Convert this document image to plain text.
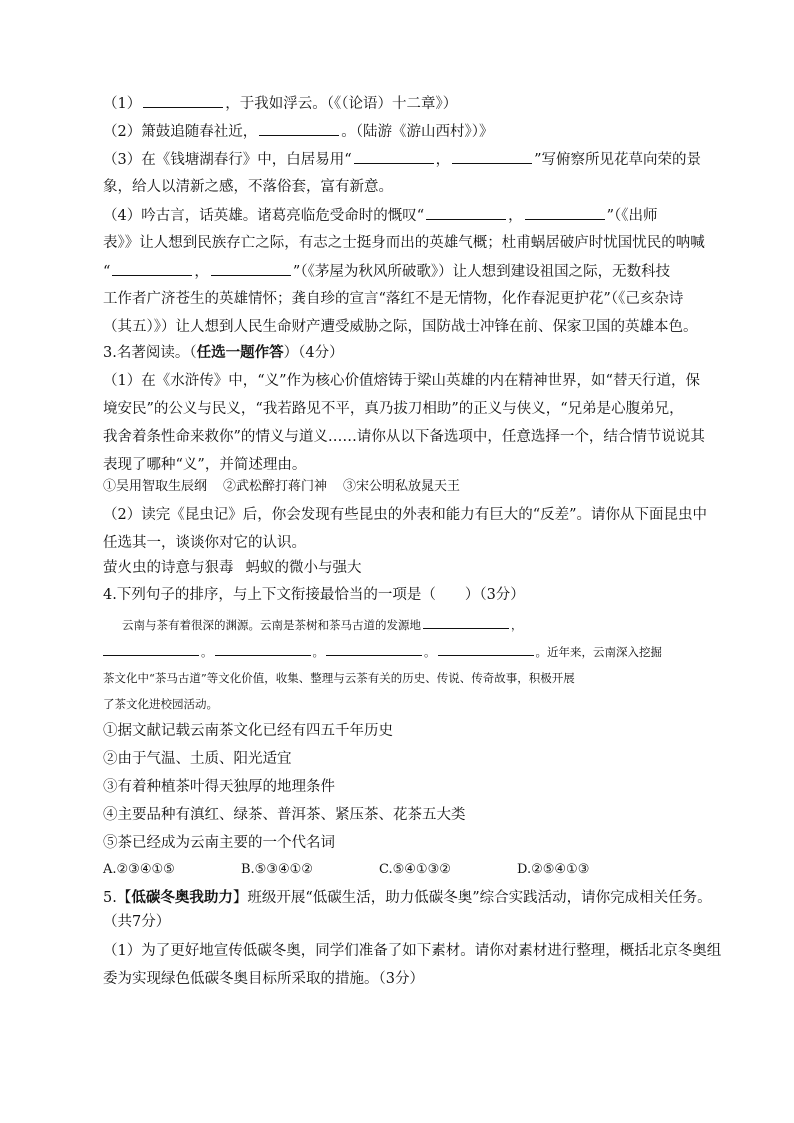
（1）	，于我如浮云。（《（论语）十二章》）
（2）箫鼓追随春社近，	。（陆游《游山西村》）》
（3）在《钱塘湖春行》中，白居易用“	，	”写俯察所见花草向荣的景
象，给人以清新之感，不落俗套，富有新意。
（4）吟古言，话英雄。诸葛亮临危受命时的慨叹“	，	”（《出师
表》》让人想到民族存亡之际，有志之士挺身而出的英雄气概；杜甫蜗居破庐时忧国忧民的呐喊
“	，	”（《茅屋为秋风所破歌》）让人想到建设祖国之际，无数科技
工作者广济苍生的英雄情怀；龚自珍的宣言“落红不是无情物，化作春泥更护花”（《己亥杂诗
（其五）》）让人想到人民生命财产遭受威胁之际，国防战士冲锋在前、保家卫国的英雄本色。
3.名著阅读。（任选一题作答）（4分）
（1）在《水浒传》中，“义”作为核心价值熔铸于梁山英雄的内在精神世界，如“替天行道，保
境安民”的公义与民义，“我若路见不平，真乃拔刀相助”的正义与侠义，“兄弟是心腹弟兄，
我舍着条性命来救你”的情义与道义……请你从以下备选项中，任意选择一个，结合情节说说其
表现了哪种“义”，并简述理由。
①吴用智取生辰纲 ②武松醉打蒋门神 ③宋公明私放晁天王
（2）读完《昆虫记》后，你会发现有些昆虫的外表和能力有巨大的“反差”。请你从下面昆虫中
任选其一，谈谈你对它的认识。
萤火虫的诗意与狠毒 蚂蚁的微小与强大
4.下列句子的排序，与上下文衔接最恰当的一项是（　　）（3分）
云南与茶有着很深的渊源。云南是茶树和茶马古道的发源地	，
。	。	。	。近年来，云南深入挖掘
茶文化中“茶马古道”等文化价值，收集、整理与云茶有关的历史、传说、传奇故事，积极开展
了茶文化进校园活动。
①据文献记载云南茶文化已经有四五千年历史
②由于气温、土质、阳光适宜
③有着种植茶叶得天独厚的地理条件
④主要品种有滇红、绿茶、普洱茶、紧压茶、花茶五大类
⑤茶已经成为云南主要的一个代名词
A.②③④①⑤	B.⑤③④①②	C.⑤④①③②	D.②⑤④①③
5.【低碳冬奥我助力】班级开展“低碳生活，助力低碳冬奥”综合实践活动，请你完成相关任务。
（共7分）
（1）为了更好地宣传低碳冬奥，同学们准备了如下素材。请你对素材进行整理，概括北京冬奥组
委为实现绿色低碳冬奥目标所采取的措施。（3分）
